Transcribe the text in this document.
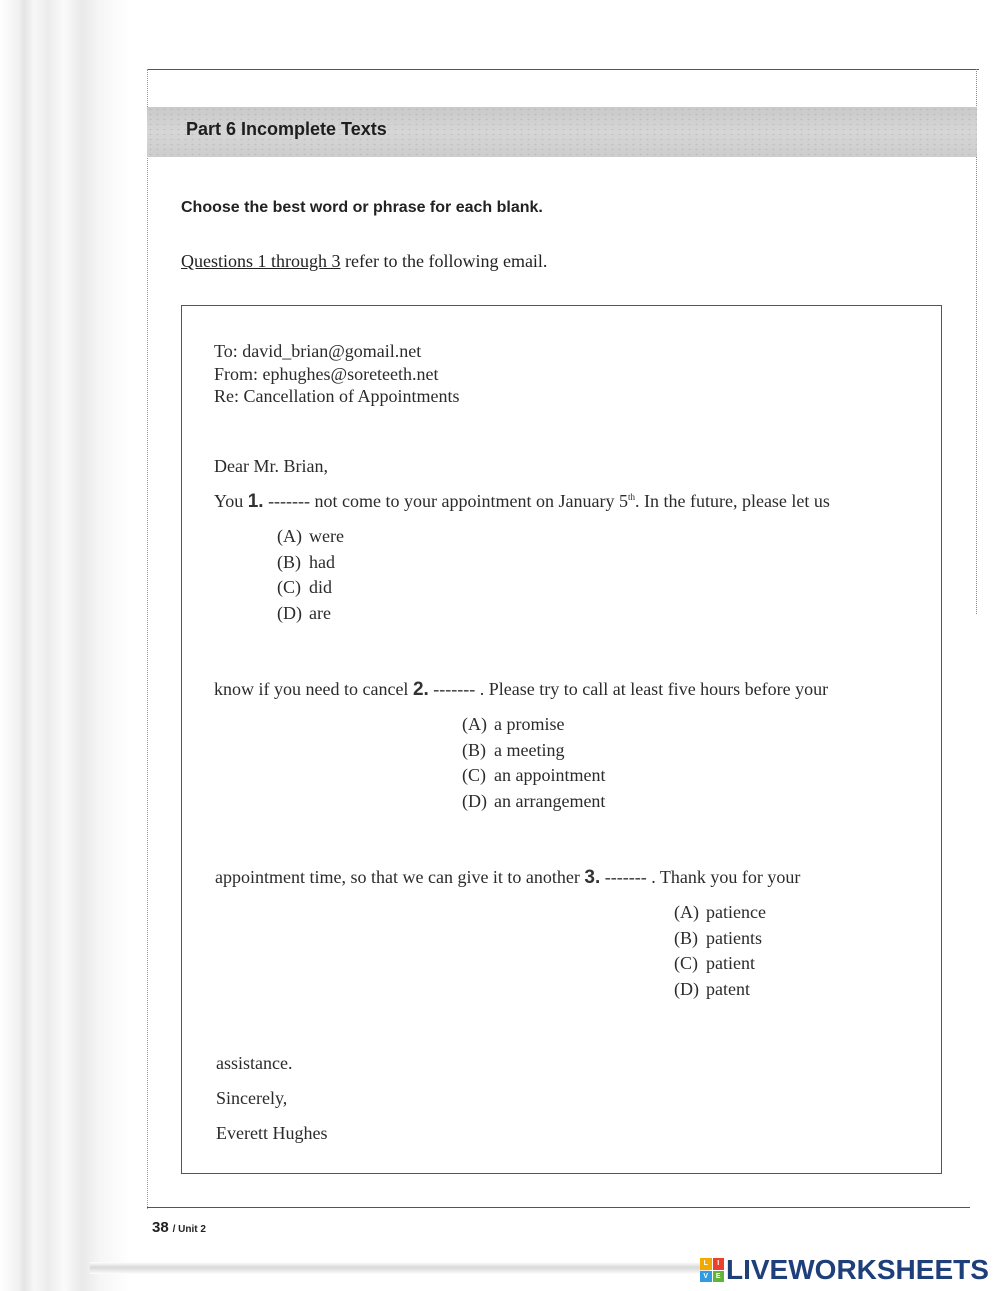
Part 6 Incomplete Texts
Choose the best word or phrase for each blank.
Questions 1 through 3 refer to the following email.
To: david_brian@gomail.net
From: ephughes@soreteeth.net
Re: Cancellation of Appointments
Dear Mr. Brian,
You 1. ------- not come to your appointment on January 5th. In the future, please let us
(A) were
(B) had
(C) did
(D) are
know if you need to cancel 2. ------- . Please try to call at least five hours before your
(A) a promise
(B) a meeting
(C) an appointment
(D) an arrangement
appointment time, so that we can give it to another 3. ------- . Thank you for your
(A) patience
(B) patients
(C) patient
(D) patent
assistance.
Sincerely,
Everett Hughes
38 / Unit 2
L	I
V	E LIVEWORKSHEETS
